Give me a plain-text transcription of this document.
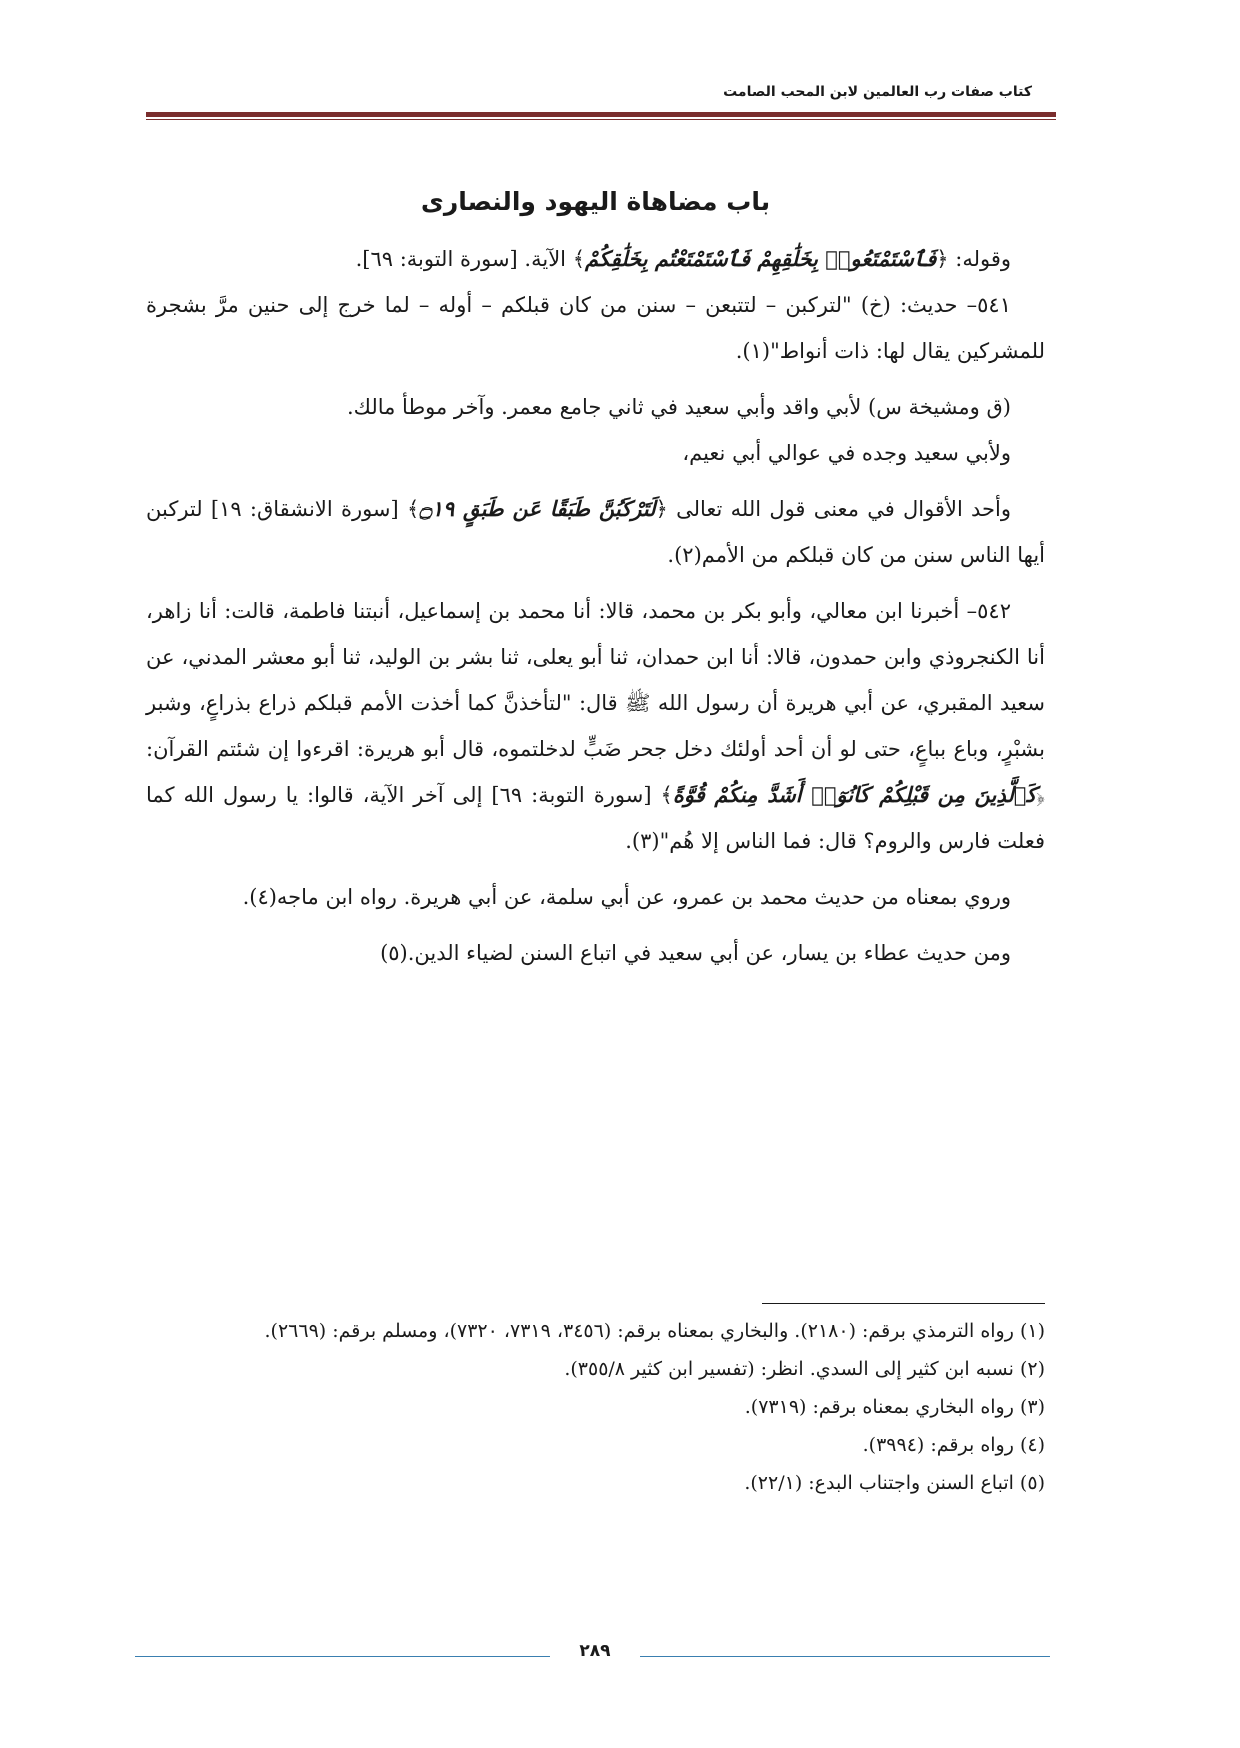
كتاب صفات رب العالمين لابن المحب الصامت
باب مضاهاة اليهود والنصارى

وقوله: ﴿فَٱسْتَمْتَعُوا۟ بِخَلَٰقِهِمْ فَٱسْتَمْتَعْتُم بِخَلَٰقِكُمْ﴾ الآية. [سورة التوبة: ٦٩].

٥٤١– حديث: (خ) "لتركبن – لتتبعن – سنن من كان قبلكم – أوله – لما خرج إلى حنين مرَّ بشجرة للمشركين يقال لها: ذات أنواط"(١).

(ق ومشيخة س) لأبي واقد وأبي سعيد في ثاني جامع معمر. وآخر موطأ مالك.

ولأبي سعيد وجده في عوالي أبي نعيم،

وأحد الأقوال في معنى قول الله تعالى ﴿لَتَرْكَبُنَّ طَبَقًا عَن طَبَقٍ ۝١٩﴾ [سورة الانشقاق: ١٩] لتركبن أيها الناس سنن من كان قبلكم من الأمم(٢).

٥٤٢– أخبرنا ابن معالي، وأبو بكر بن محمد، قالا: أنا محمد بن إسماعيل، أنبتنا فاطمة، قالت: أنا زاهر، أنا الكنجروذي وابن حمدون، قالا: أنا ابن حمدان، ثنا أبو يعلى، ثنا بشر بن الوليد، ثنا أبو معشر المدني، عن سعيد المقبري، عن أبي هريرة أن رسول الله ﷺ قال: "لتأخذنَّ كما أخذت الأمم قبلكم ذراع بذراعٍ، وشبر بشبْرٍ، وباع بباعٍ، حتى لو أن أحد أولئك دخل جحر ضَبٍّ لدخلتموه، قال أبو هريرة: اقرءوا إن شئتم القرآن: ﴿كَٱلَّذِينَ مِن قَبْلِكُمْ كَانُوٓا۟ أَشَدَّ مِنكُمْ قُوَّةً﴾ [سورة التوبة: ٦٩] إلى آخر الآية، قالوا: يا رسول الله كما فعلت فارس والروم؟ قال: فما الناس إلا هُم"(٣).

وروي بمعناه من حديث محمد بن عمرو، عن أبي سلمة، عن أبي هريرة. رواه ابن ماجه(٤).

ومن حديث عطاء بن يسار، عن أبي سعيد في اتباع السنن لضياء الدين.(٥)

(١) رواه الترمذي برقم: (٢١٨٠). والبخاري بمعناه برقم: (٣٤٥٦، ٧٣١٩، ٧٣٢٠)، ومسلم برقم: (٢٦٦٩).

(٢) نسبه ابن كثير إلى السدي. انظر: (تفسير ابن كثير ٣٥٥/٨).

(٣) رواه البخاري بمعناه برقم: (٧٣١٩).

(٤) رواه برقم: (٣٩٩٤).

(٥) اتباع السنن واجتناب البدع: (٢٢/١).

٢٨٩
